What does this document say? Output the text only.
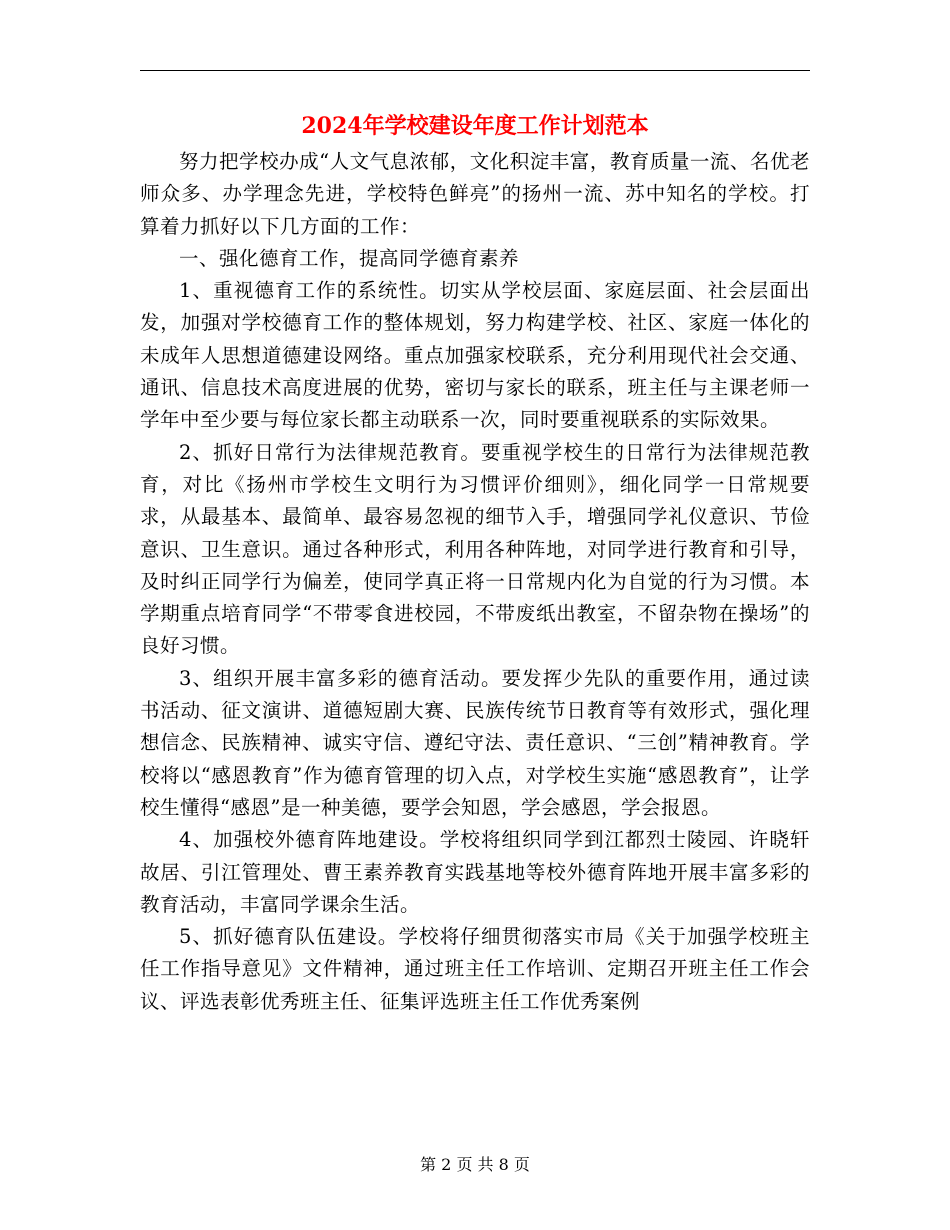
2024年学校建设年度工作计划范本

努力把学校办成“人文气息浓郁，文化积淀丰富，教育质量一流、名优老师众多、办学理念先进，学校特色鲜亮”的扬州一流、苏中知名的学校。打算着力抓好以下几方面的工作：

一、强化德育工作，提高同学德育素养

1、重视德育工作的系统性。切实从学校层面、家庭层面、社会层面出发，加强对学校德育工作的整体规划，努力构建学校、社区、家庭一体化的未成年人思想道德建设网络。重点加强家校联系，充分利用现代社会交通、通讯、信息技术高度进展的优势，密切与家长的联系，班主任与主课老师一学年中至少要与每位家长都主动联系一次，同时要重视联系的实际效果。

2、抓好日常行为法律规范教育。要重视学校生的日常行为法律规范教育，对比《扬州市学校生文明行为习惯评价细则》，细化同学一日常规要求，从最基本、最简单、最容易忽视的细节入手，增强同学礼仪意识、节俭意识、卫生意识。通过各种形式，利用各种阵地，对同学进行教育和引导，及时纠正同学行为偏差，使同学真正将一日常规内化为自觉的行为习惯。本学期重点培育同学“不带零食进校园，不带废纸出教室，不留杂物在操场”的良好习惯。

3、组织开展丰富多彩的德育活动。要发挥少先队的重要作用，通过读书活动、征文演讲、道德短剧大赛、民族传统节日教育等有效形式，强化理想信念、民族精神、诚实守信、遵纪守法、责任意识、“三创”精神教育。学校将以“感恩教育”作为德育管理的切入点，对学校生实施“感恩教育”，让学校生懂得“感恩”是一种美德，要学会知恩，学会感恩，学会报恩。

4、加强校外德育阵地建设。学校将组织同学到江都烈士陵园、许晓轩故居、引江管理处、曹王素养教育实践基地等校外德育阵地开展丰富多彩的教育活动，丰富同学课余生活。

5、抓好德育队伍建设。学校将仔细贯彻落实市局《关于加强学校班主任工作指导意见》文件精神，通过班主任工作培训、定期召开班主任工作会议、评选表彰优秀班主任、征集评选班主任工作优秀案例

第 2 页 共 8 页
